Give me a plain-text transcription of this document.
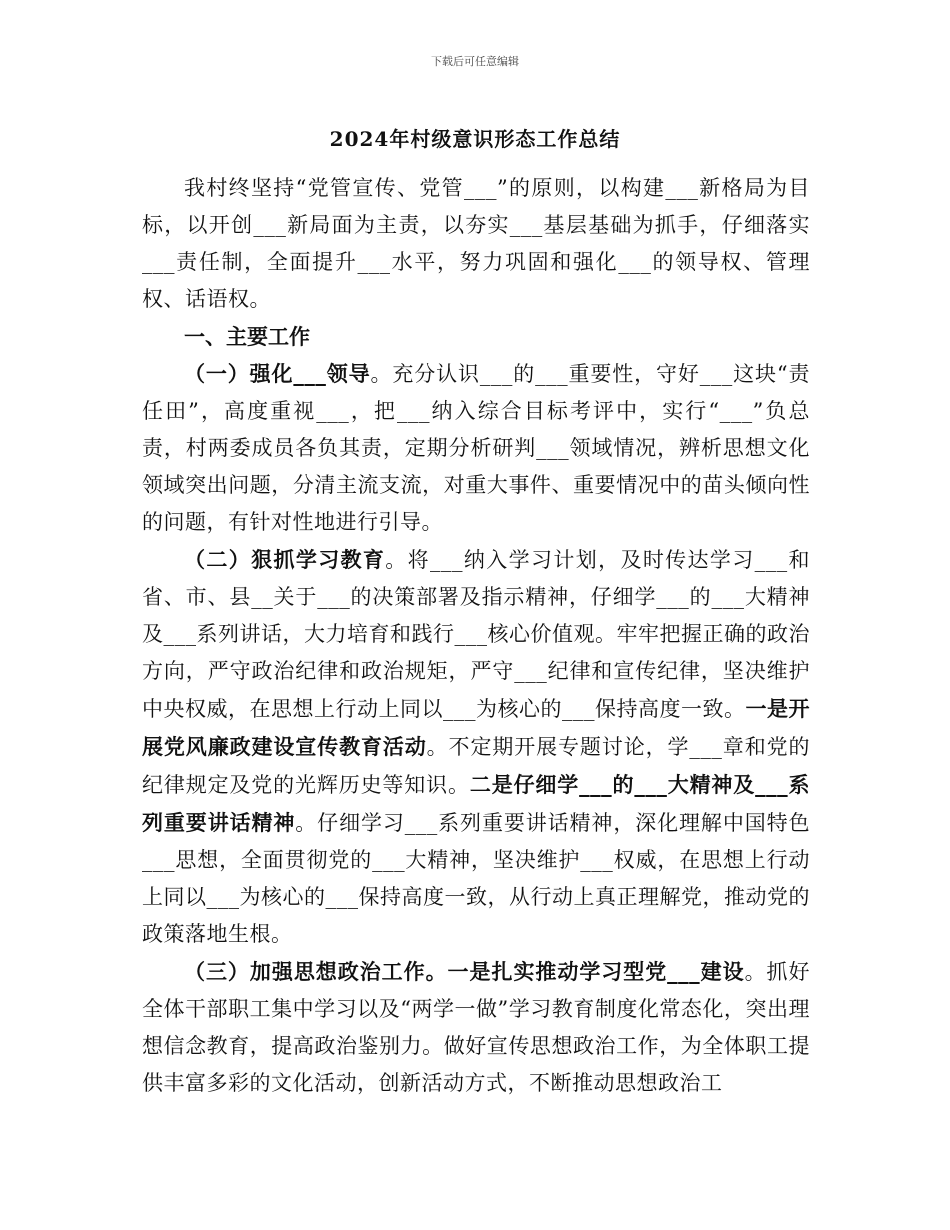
下载后可任意编辑
2024年村级意识形态工作总结

我村终坚持“党管宣传、党管___”的原则，以构建___新格局为目标，以开创___新局面为主责，以夯实___基层基础为抓手，仔细落实___责任制，全面提升___水平，努力巩固和强化___的领导权、管理权、话语权。

一、主要工作

（一）强化___领导。充分认识___的___重要性，守好___这块“责任田”，高度重视___，把___纳入综合目标考评中，实行“___”负总责，村两委成员各负其责，定期分析研判___领域情况，辨析思想文化领域突出问题，分清主流支流，对重大事件、重要情况中的苗头倾向性的问题，有针对性地进行引导。

（二）狠抓学习教育。将___纳入学习计划，及时传达学习___和省、市、县__关于___的决策部署及指示精神，仔细学___的___大精神及___系列讲话，大力培育和践行___核心价值观。牢牢把握正确的政治方向，严守政治纪律和政治规矩，严守___纪律和宣传纪律，坚决维护中央权威，在思想上行动上同以___为核心的___保持高度一致。一是开展党风廉政建设宣传教育活动。不定期开展专题讨论，学___章和党的纪律规定及党的光辉历史等知识。二是仔细学___的___大精神及___系列重要讲话精神。仔细学习___系列重要讲话精神，深化理解中国特色___思想，全面贯彻党的___大精神，坚决维护___权威，在思想上行动上同以___为核心的___保持高度一致，从行动上真正理解党，推动党的政策落地生根。

（三）加强思想政治工作。一是扎实推动学习型党___建设。抓好全体干部职工集中学习以及“两学一做”学习教育制度化常态化，突出理想信念教育，提高政治鉴别力。做好宣传思想政治工作，为全体职工提供丰富多彩的文化活动，创新活动方式，不断推动思想政治工
